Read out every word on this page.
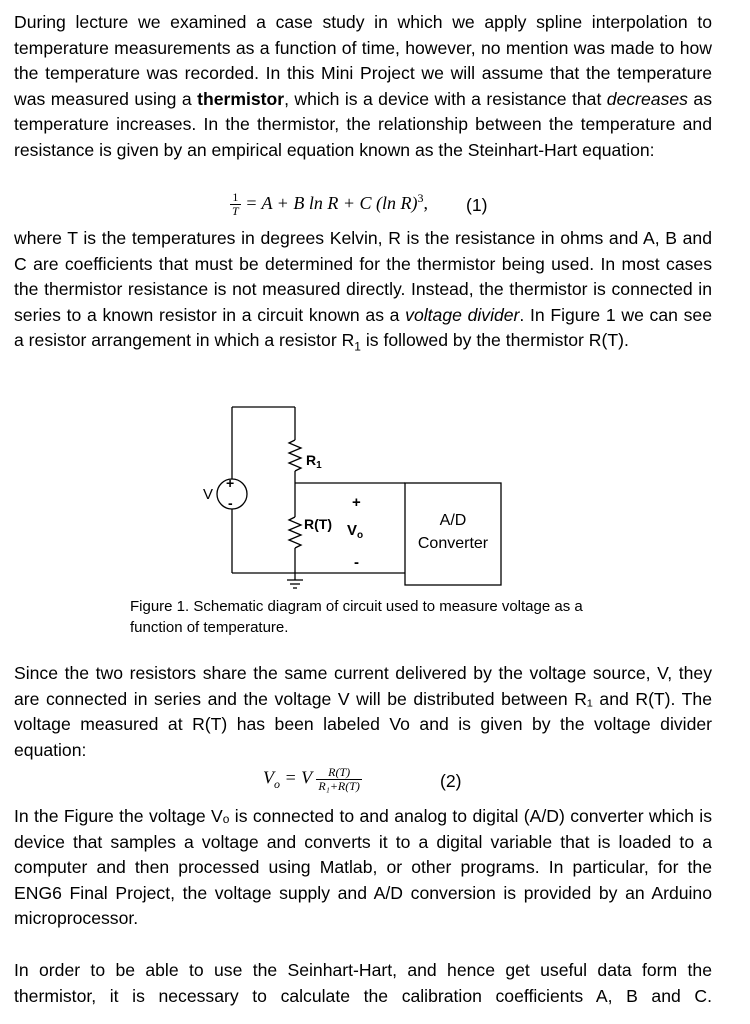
During lecture we examined a case study in which we apply spline interpolation to temperature measurements as a function of time, however, no mention was made to how the temperature was recorded. In this Mini Project we will assume that the temperature was measured using a thermistor, which is a device with a resistance that decreases as temperature increases. In the thermistor, the relationship between the temperature and resistance is given by an empirical equation known as the Steinhart-Hart equation:

$\frac{1}{T} = A + B$ ln R + C (ln R)$^3$, (1)

where T is the temperatures in degrees Kelvin, R is the resistance in ohms and A, B and C are coefficients that must be determined for the thermistor being used. In most cases the thermistor resistance is not measured directly. Instead, the thermistor is connected in series to a known resistor in a circuit known as a voltage divider. In Figure 1 we can see a resistor arrangement in which a resistor $R_1$ is followed by the thermistor R(T).

V
+
-
$R_1$
R(T)
+
$V_o$
-
A/D
Converter

Figure 1. Schematic diagram of circuit used to measure voltage as a function of temperature.

Since the two resistors share the same current delivered by the voltage source, V, they are connected in series and the voltage V will be distributed between R₁ and R(T). The voltage measured at R(T) has been labeled Vo and is given by the voltage divider equation:

$V_o = V \frac{R(T)}{\text{R₁+R(T)}}$	(2)

In the Figure the voltage Vₒ is connected to and analog to digital (A/D) converter which is device that samples a voltage and converts it to a digital variable that is loaded to a computer and then processed using Matlab, or other programs. In particular, for the ENG6 Final Project, the voltage supply and A/D conversion is provided by an Arduino microprocessor.

In order to be able to use the Seinhart-Hart, and hence get useful data form the thermistor, it is necessary to calculate the calibration coefficients A, B and C.
